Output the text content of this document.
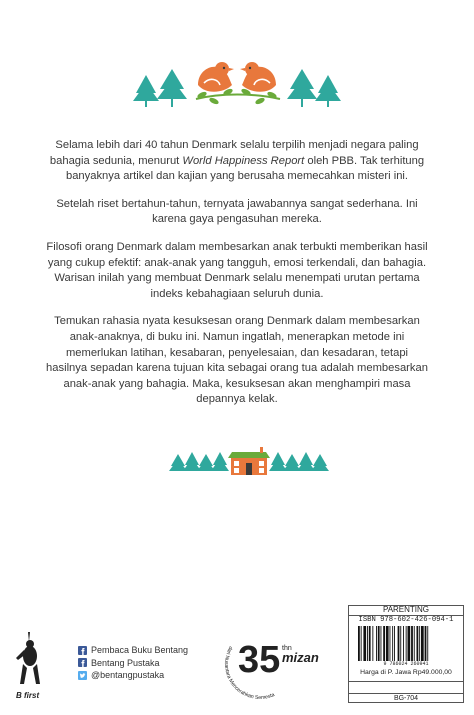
Selama lebih dari 40 tahun Denmark selalu terpilih menjadi negara paling bahagia sedunia, menurut World Happiness Report oleh PBB. Tak terhitung banyaknya artikel dan kajian yang berusaha memecahkan misteri ini.

Setelah riset bertahun-tahun, ternyata jawabannya sangat sederhana. Ini karena gaya pengasuhan mereka.

Filosofi orang Denmark dalam membesarkan anak terbukti memberikan hasil yang cukup efektif: anak-anak yang tangguh, emosi terkendali, dan bahagia. Warisan inilah yang membuat Denmark selalu menempati urutan pertama indeks kebahagiaan seluruh dunia.

Temukan rahasia nyata kesuksesan orang Denmark dalam membesarkan anak-anaknya, di buku ini. Namun ingatlah, menerapkan metode ini memerlukan latihan, kesabaran, penyelesaian, dan kesadaran, tetapi hasilnya sepadan karena tujuan kita sebagai orang tua adalah membesarkan anak-anak yang bahagia. Maka, kesuksesan akan menghampiri masa depannya kelak.

B first
Pembaca Buku Bentang
Bentang Pustaka
@bentangpustaka
dari Nusantara Mencerahkan Semesta
35 thn
mizan
PARENTING
ISBN 978-602-426-094-1
9 786024 260941
Harga di P. Jawa Rp49.000,00
BG-704
